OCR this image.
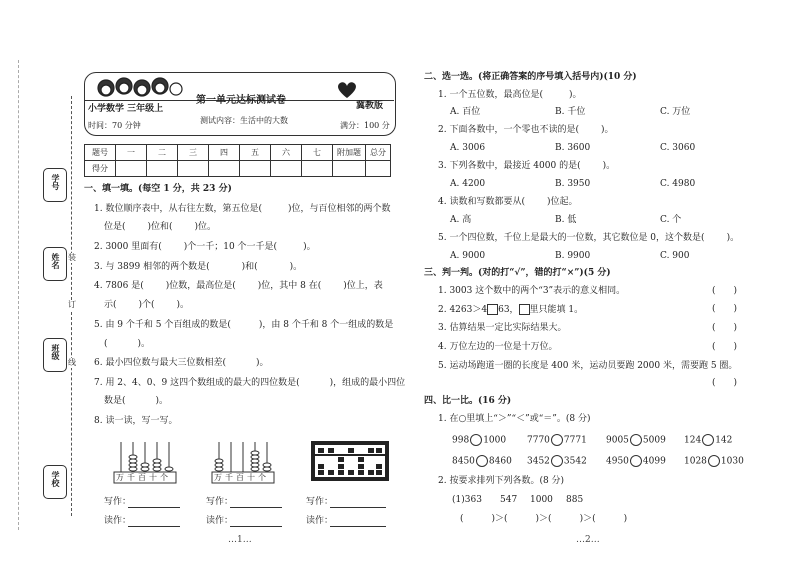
学号
姓名
班级
学校
装
订
线
小学数学 三年级上
时间：70 分钟
第一单元达标测试卷
测试内容：生活中的大数
冀教版
满分：100 分
题号	一	二	三	四	五	六	七	附加题	总分
得分									
一、填一填。(每空 1 分，共 23 分)
1. 数位顺序表中，从右往左数，第五位是(	)位，与百位相邻的两个数
位是( )位和( )位。
2. 3000 里面有( )个一千；10 个一千是(	)。
3. 与 3899 相邻的两个数是(	)和(	)。
4. 7806 是( )位数，最高位是( )位，其中 8 在( )位上，表
示( )个( )。
5. 由 9 个千和 5 个百组成的数是(	)，由 8 个千和 8 个一组成的数是
(	)。
6. 最小四位数与最大三位数相差(	)。
7. 用 2、4、0、9 这四个数组成的最大的四位数是(	)，组成的最小四位
数是(	)。
8. 读一读，写一写。
万千百十个	万千百十个
写作：
读作：
写作：
读作：
写作：
读作：
…1…
二、选一选。(将正确答案的序号填入括号内)(10 分)
1. 一个五位数，最高位是(	)。
A. 百位	B. 千位	C. 万位
2. 下面各数中，一个零也不读的是( )。
A. 3006	B. 3600	C. 3060
3. 下列各数中，最接近 4000 的是( )。
A. 4200	B. 3950	C. 4980
4. 读数和写数都要从( )位起。
A. 高	B. 低	C. 个
5. 一个四位数，千位上是最大的一位数，其它数位是 0，这个数是( )。
A. 9000	B. 9900	C. 900
三、判一判。(对的打“√”，错的打“×”)(5 分)
1. 3003 这个数中的两个“3”表示的意义相同。	(　　)
2. 4263＞4 63， 里只能填 1。	(　　)
3. 估算结果一定比实际结果大。	(　　)
4. 万位左边的一位是十万位。	(　　)
5. 运动场跑道一圈的长度是 400 米，运动员要跑 2000 米，需要跑 5 圈。
(　　)
四、比一比。(16 分)
1. 在○里填上“＞”“＜”或“＝”。(8 分)
998 1000 7770 7771 9005 5009 124 142
8450 8460 3452 3542 4950 4099 1028 1030
2. 按要求排列下列各数。(8 分)
(1)363 547 1000 885
(	)＞(	)＞(	)＞(	)
…2…
